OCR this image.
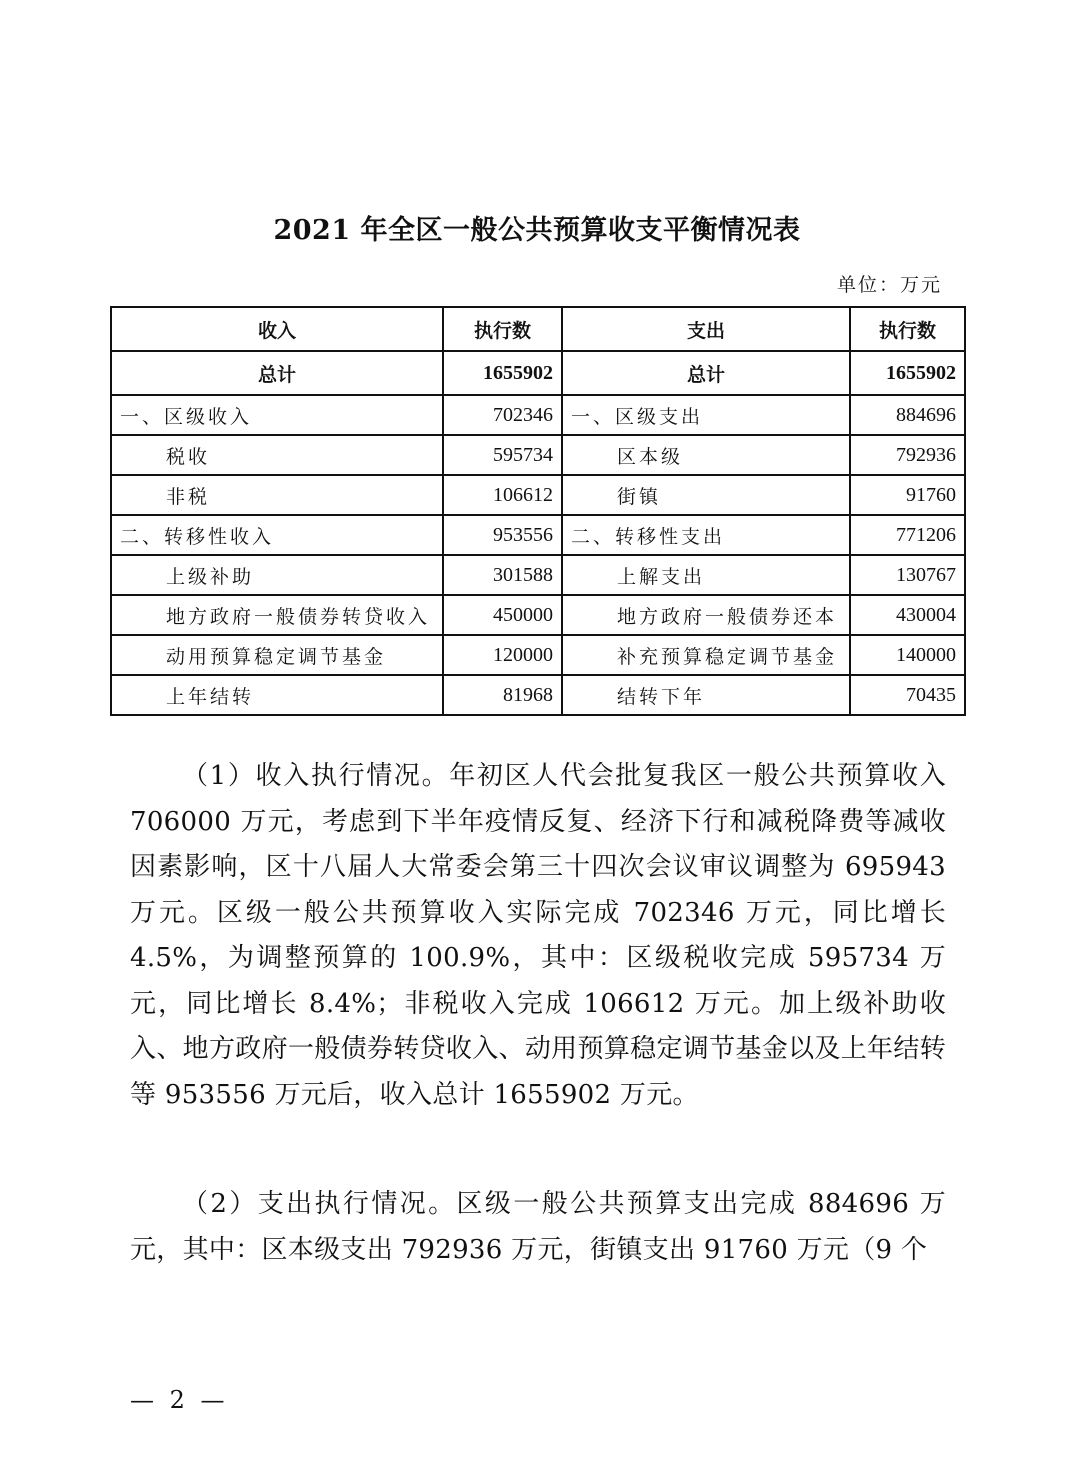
2021 年全区一般公共预算收支平衡情况表
单位：万元
收入	执行数	支出	执行数
总计	1655902	总计	1655902
一、区级收入	702346	一、区级支出	884696
税收	595734	区本级	792936
非税	106612	街镇	91760
二、转移性收入	953556	二、转移性支出	771206
上级补助	301588	上解支出	130767
地方政府一般债券转贷收入	450000	地方政府一般债券还本	430004
动用预算稳定调节基金	120000	补充预算稳定调节基金	140000
上年结转	81968	结转下年	70435
（1）收入执行情况。年初区人代会批复我区一般公共预算收入 706000 万元，考虑到下半年疫情反复、经济下行和减税降费等减收因素影响，区十八届人大常委会第三十四次会议审议调整为 695943 万元。区级一般公共预算收入实际完成 702346 万元，同比增长 4.5%，为调整预算的 100.9%，其中：区级税收完成 595734 万元，同比增长 8.4%；非税收入完成 106612 万元。加上级补助收入、地方政府一般债券转贷收入、动用预算稳定调节基金以及上年结转等 953556 万元后，收入总计 1655902 万元。
（2）支出执行情况。区级一般公共预算支出完成 884696 万元，其中：区本级支出 792936 万元，街镇支出 91760 万元（9 个
— 2 —
